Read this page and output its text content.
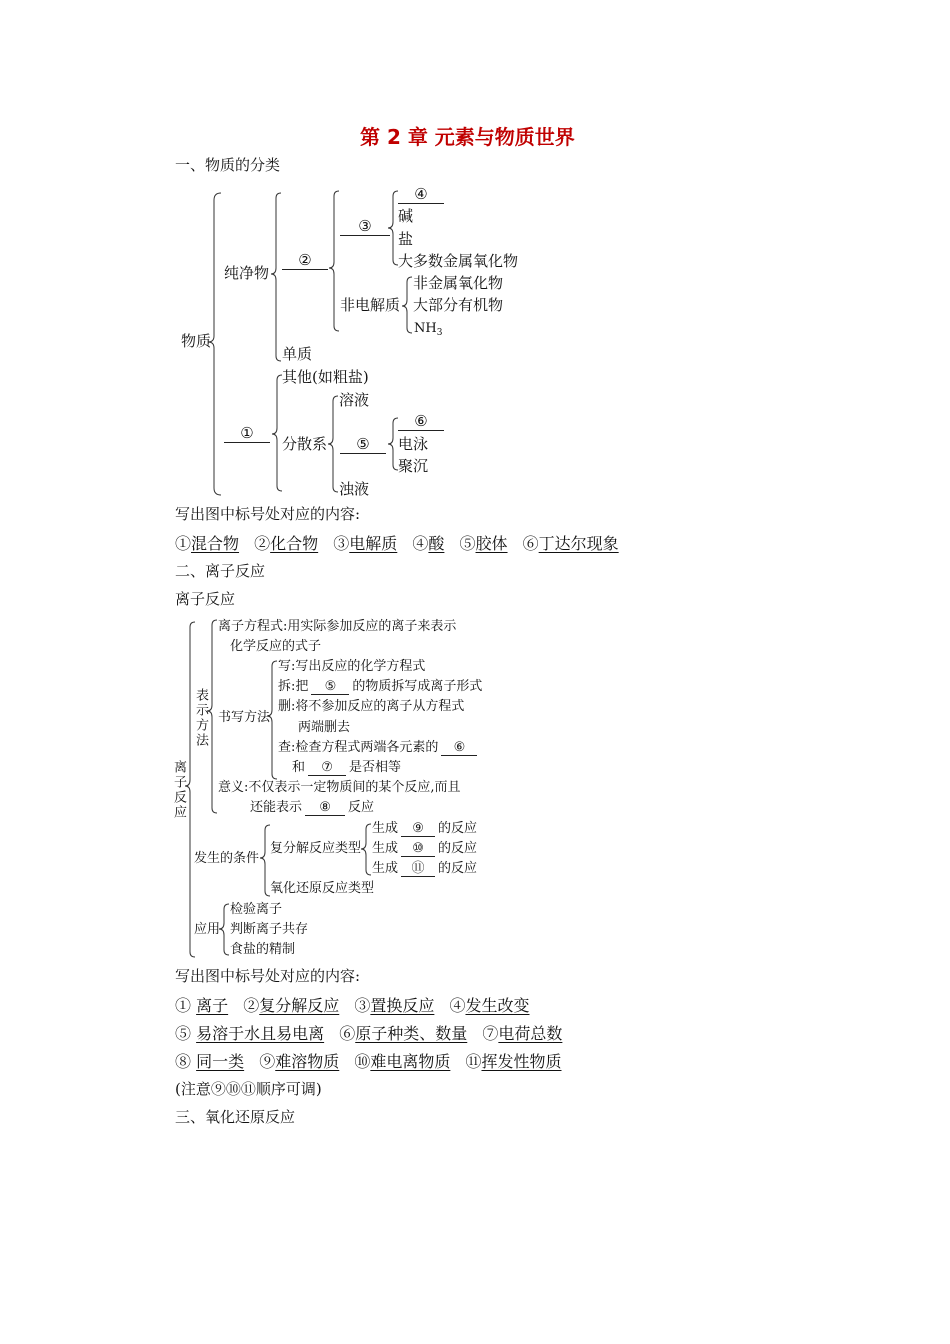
第 2 章 元素与物质世界
一、物质的分类
物质
纯净物
②
③
④
碱
盐
大多数金属氧化物
非电解质
非金属氧化物
大部分有机物
$NH_3$
单质
①
其他(如粗盐)
分散系
溶液
⑤
⑥
电泳
聚沉
浊液
写出图中标号处对应的内容:
①混合物 ②化合物 ③电解质 ④酸 ⑤胶体 ⑥丁达尔现象
二、离子反应
离子反应
离子反应
表示方法
离子方程式:用实际参加反应的离子来表示
化学反应的式子
书写方法
写:写出反应的化学方程式
拆:把 ⑤ 的物质拆写成离子形式
删:将不参加反应的离子从方程式
两端删去
查:检查方程式两端各元素的 ⑥
和 ⑦ 是否相等
意义:不仅表示一定物质间的某个反应,而且
还能表示 ⑧ 反应
发生的条件
复分解反应类型
生成 ⑨ 的反应
生成 ⑩ 的反应
生成 ⑪ 的反应
氧化还原反应类型
应用
检验离子
判断离子共存
食盐的精制
写出图中标号处对应的内容:
① 离子 ②复分解反应 ③置换反应 ④发生改变
⑤ 易溶于水且易电离 ⑥原子种类、数量 ⑦电荷总数
⑧ 同一类 ⑨难溶物质 ⑩难电离物质 ⑪挥发性物质
(注意⑨⑩⑪顺序可调)
三、氧化还原反应
